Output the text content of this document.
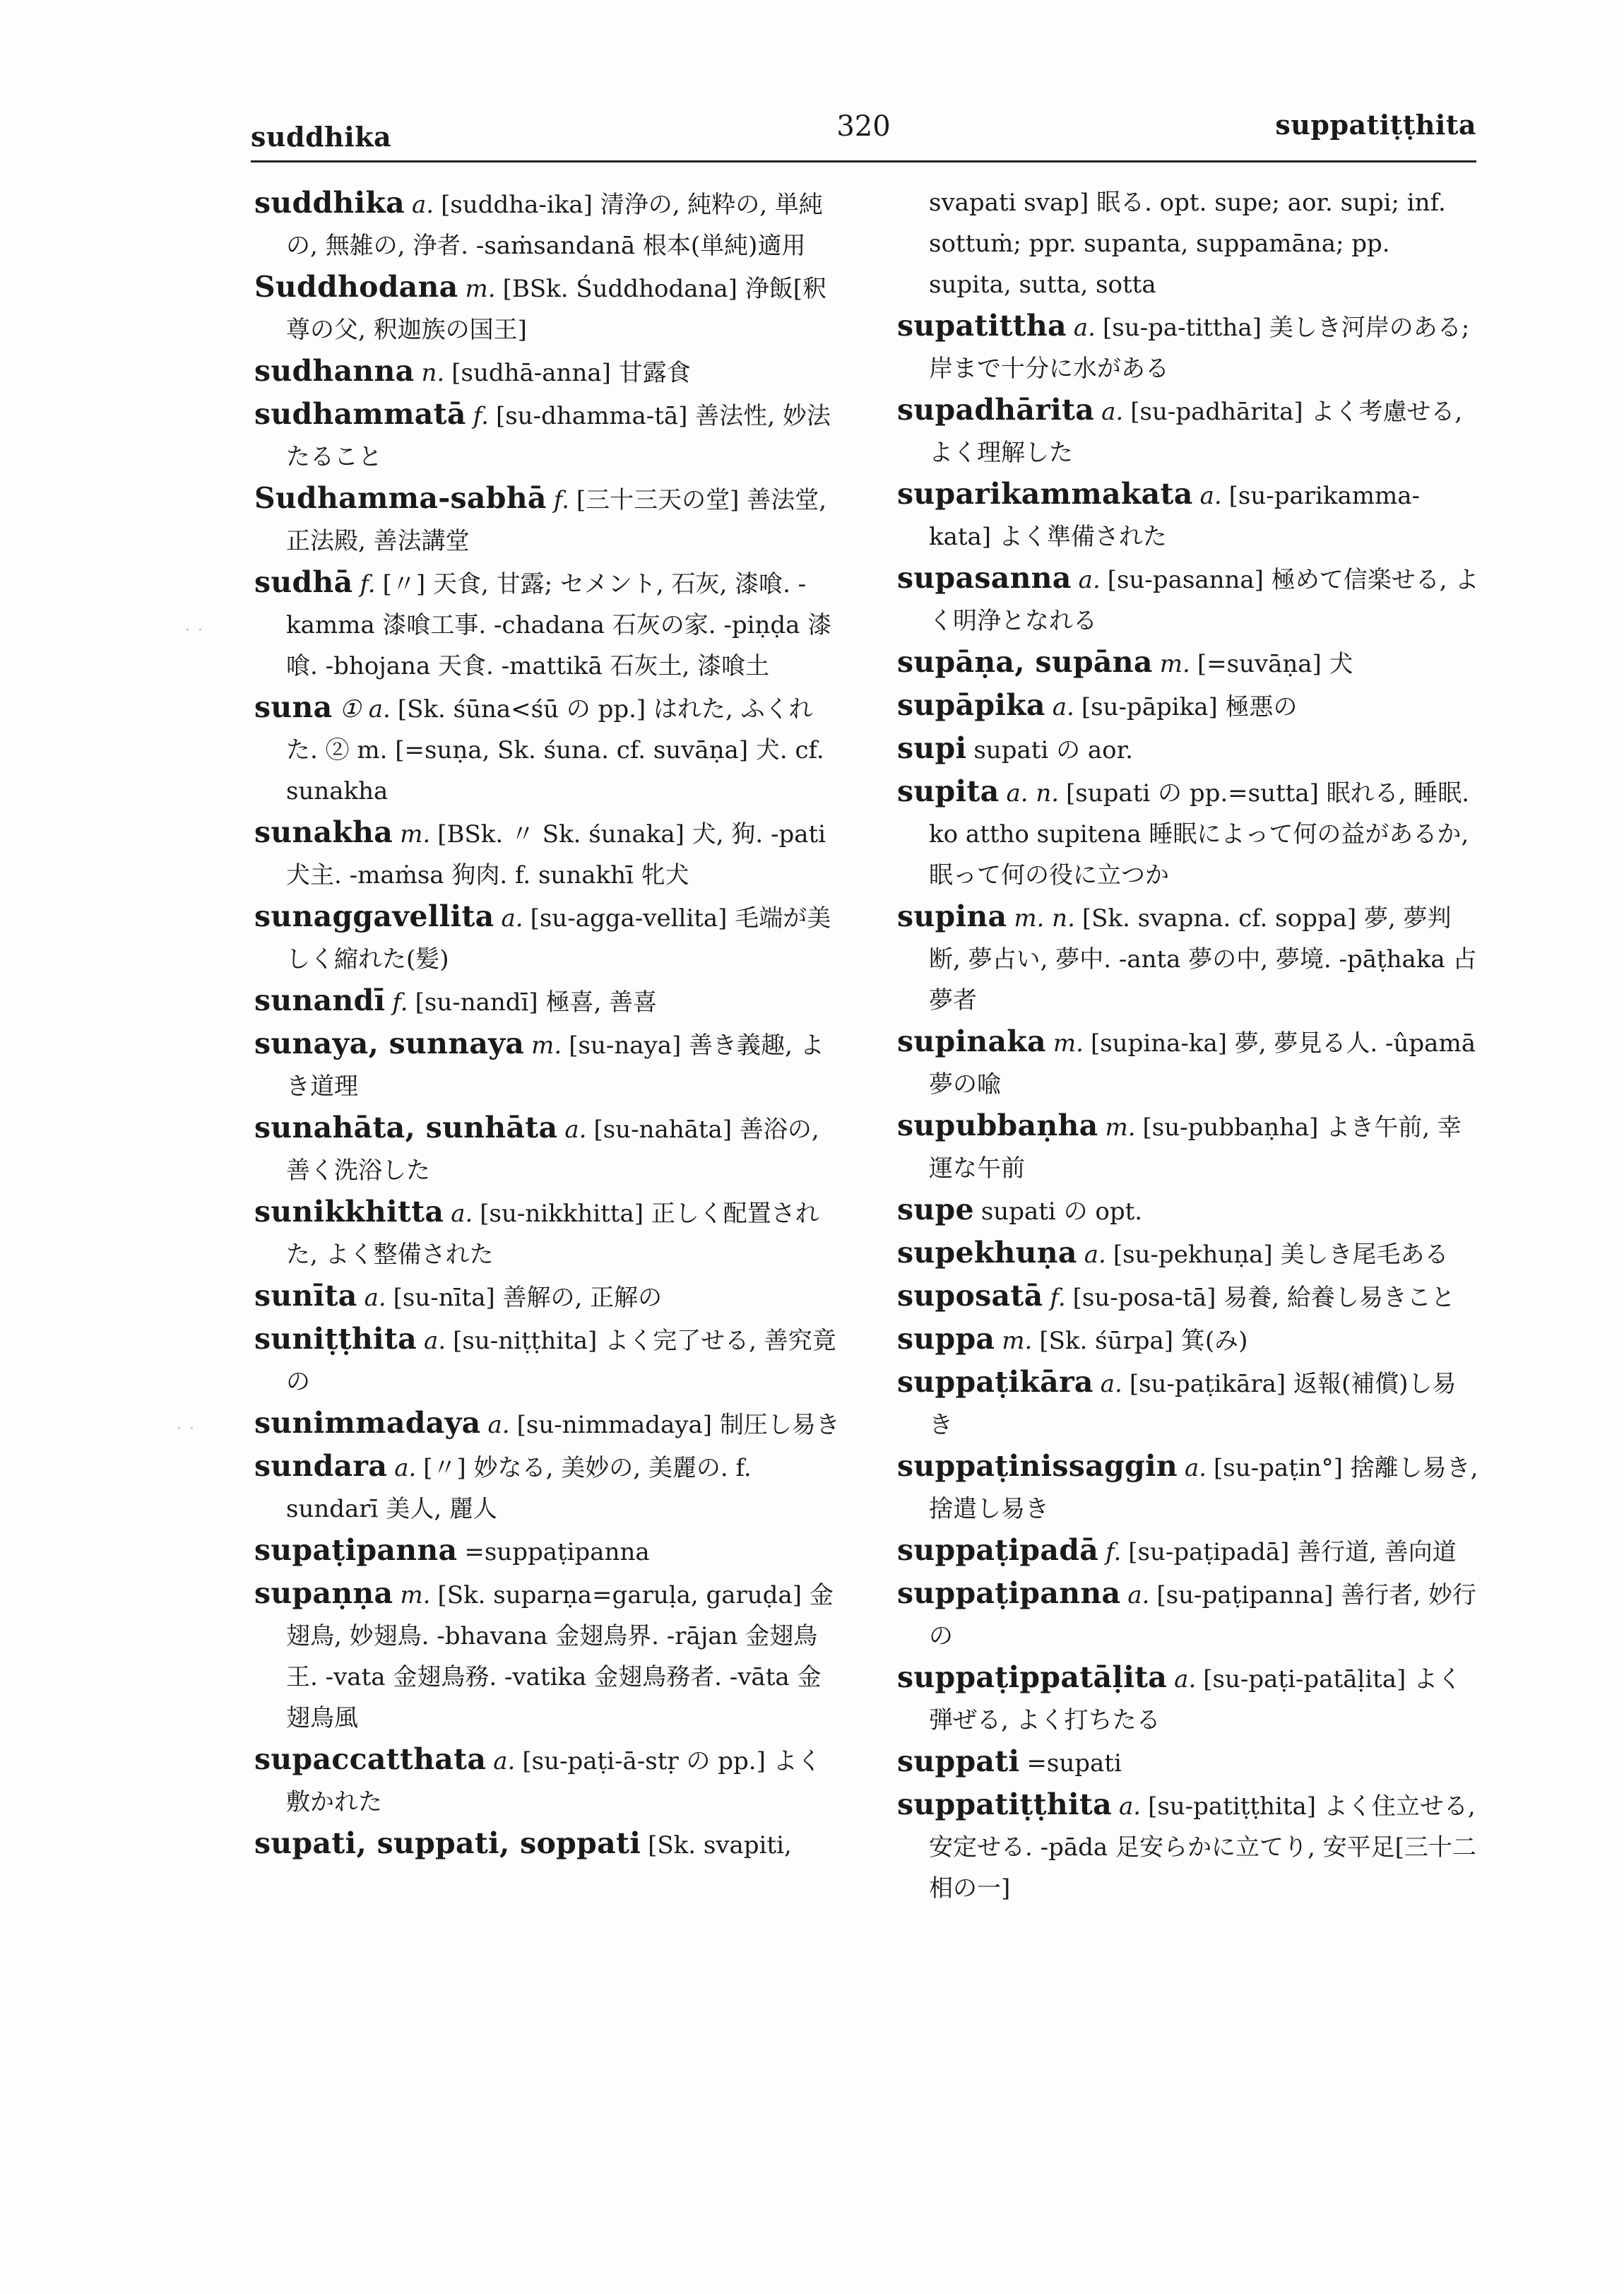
suddhika	320	suppatiṭṭhita
· ·
· ·

suddhika a. [suddha-ika] 清浄の, 純粋の, 単純の, 無雑の, 浄者. -saṁsandanā 根本(単純)適用

Suddhodana m. [BSk. Śuddhodana] 浄飯[釈尊の父, 釈迦族の国王]

sudhanna n. [sudhā-anna] 甘露食

sudhammatā f. [su-dhamma-tā] 善法性, 妙法たること

Sudhamma-sabhā f. [三十三天の堂] 善法堂, 正法殿, 善法講堂

sudhā f. [〃] 天食, 甘露; セメント, 石灰, 漆喰. -kamma 漆喰工事. -chadana 石灰の家. -piṇḍa 漆喰. -bhojana 天食. -mattikā 石灰土, 漆喰土

suna ① a. [Sk. śūna<śū の pp.] はれた, ふくれた. ② m. [=suṇa, Sk. śuna. cf. suvāṇa] 犬. cf. sunakha

sunakha m. [BSk. 〃 Sk. śunaka] 犬, 狗. -pati 犬主. -maṁsa 狗肉. f. sunakhī 牝犬

sunaggavellita a. [su-agga-vellita] 毛端が美しく縮れた(髪)

sunandī f. [su-nandī] 極喜, 善喜

sunaya, sunnaya m. [su-naya] 善き義趣, よき道理

sunahāta, sunhāta a. [su-nahāta] 善浴の, 善く洗浴した

sunikkhitta a. [su-nikkhitta] 正しく配置された, よく整備された

sunīta a. [su-nīta] 善解の, 正解の

suniṭṭhita a. [su-niṭṭhita] よく完了せる, 善究竟の

sunimmadaya a. [su-nimmadaya] 制圧し易き

sundara a. [〃] 妙なる, 美妙の, 美麗の. f. sundarī 美人, 麗人

supaṭipanna =suppaṭipanna

supaṇṇa m. [Sk. suparṇa=garuḷa, garuḍa] 金翅鳥, 妙翅鳥. -bhavana 金翅鳥界. -rājan 金翅鳥王. -vata 金翅鳥務. -vatika 金翅鳥務者. -vāta 金翅鳥風

supaccatthata a. [su-paṭi-ā-stṛ の pp.] よく敷かれた

supati, suppati, soppati [Sk. svapiti,

svapati svap] 眠る. opt. supe; aor. supi; inf. sottuṁ; ppr. supanta, suppamāna; pp. supita, sutta, sotta

supatittha a. [su-pa-tittha] 美しき河岸のある; 岸まで十分に水がある

supadhārita a. [su-padhārita] よく考慮せる, よく理解した

suparikammakata a. [su-parikamma-kata] よく準備された

supasanna a. [su-pasanna] 極めて信楽せる, よく明浄となれる

supāṇa, supāna m. [=suvāṇa] 犬

supāpika a. [su-pāpika] 極悪の

supi supati の aor.

supita a. n. [supati の pp.=sutta] 眠れる, 睡眠. ko attho supitena 睡眠によって何の益があるか, 眠って何の役に立つか

supina m. n. [Sk. svapna. cf. soppa] 夢, 夢判断, 夢占い, 夢中. -anta 夢の中, 夢境. -pāṭhaka 占夢者

supinaka m. [supina-ka] 夢, 夢見る人. -ûpamā 夢の喩

supubbaṇha m. [su-pubbaṇha] よき午前, 幸運な午前

supe supati の opt.

supekhuṇa a. [su-pekhuṇa] 美しき尾毛ある

suposatā f. [su-posa-tā] 易養, 給養し易きこと

suppa m. [Sk. śūrpa] 箕(み)

suppaṭikāra a. [su-paṭikāra] 返報(補償)し易き

suppaṭinissaggin a. [su-paṭin°] 捨離し易き, 捨遣し易き

suppaṭipadā f. [su-paṭipadā] 善行道, 善向道

suppaṭipanna a. [su-paṭipanna] 善行者, 妙行の

suppaṭippatāḷita a. [su-paṭi-patāḷita] よく弾ぜる, よく打ちたる

suppati =supati

suppatiṭṭhita a. [su-patiṭṭhita] よく住立せる, 安定せる. -pāda 足安らかに立てり, 安平足[三十二相の一]
